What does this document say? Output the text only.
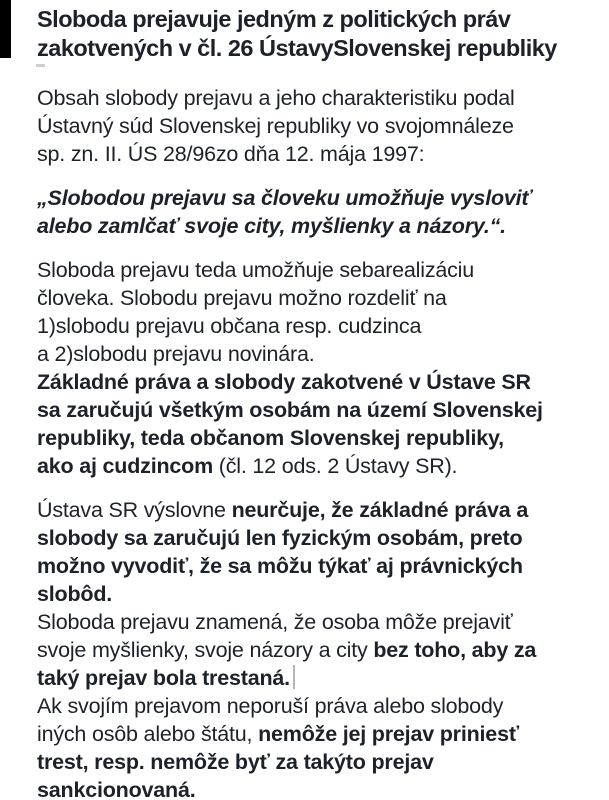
Sloboda prejavuje jedným z politických práv
zakotvených v čl. 26 ÚstavySlovenskej republiky

Obsah slobody prejavu a jeho charakteristiku podal
Ústavný súd Slovenskej republiky vo svojomnáleze
sp. zn. II. ÚS 28/96zo dňa 12. mája 1997:

„Slobodou prejavu sa človeku umožňuje vysloviť
alebo zamlčať svoje city, myšlienky a názory.“.

Sloboda prejavu teda umožňuje sebarealizáciu
človeka. Slobodu prejavu možno rozdeliť na
1)slobodu prejavu občana resp. cudzinca
a 2)slobodu prejavu novinára.
Základné práva a slobody zakotvené v Ústave SR
sa zaručujú všetkým osobám na území Slovenskej
republiky, teda občanom Slovenskej republiky,
ako aj cudzincom (čl. 12 ods. 2 Ústavy SR).

Ústava SR výslovne neurčuje, že základné práva a
slobody sa zaručujú len fyzickým osobám, preto
možno vyvodiť, že sa môžu týkať aj právnických
slobôd.
Sloboda prejavu znamená, že osoba môže prejaviť
svoje myšlienky, svoje názory a city bez toho, aby za
taký prejav bola trestaná.
Ak svojím prejavom neporuší práva alebo slobody
iných osôb alebo štátu, nemôže jej prejav priniesť
trest, resp. nemôže byť za takýto prejav
sankcionovaná.
